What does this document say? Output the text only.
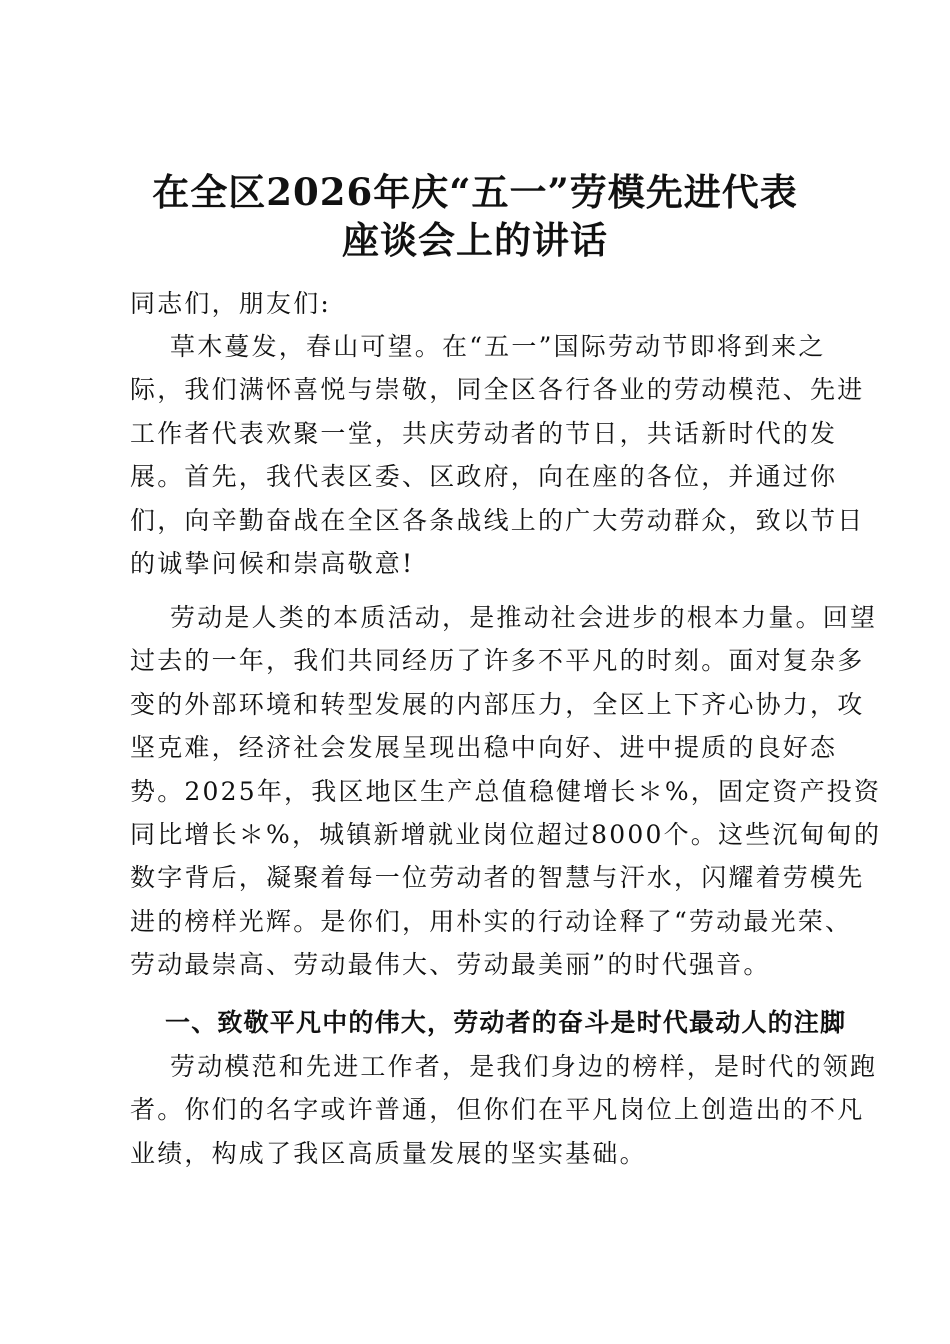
在全区2026年庆“五一”劳模先进代表
座谈会上的讲话
同志们，朋友们:
草木蔓发，春山可望。在“五一”国际劳动节即将到来之
际，我们满怀喜悦与崇敬，同全区各行各业的劳动模范、先进
工作者代表欢聚一堂，共庆劳动者的节日，共话新时代的发
展。首先，我代表区委、区政府，向在座的各位，并通过你
们，向辛勤奋战在全区各条战线上的广大劳动群众，致以节日
的诚挚问候和崇高敬意!
劳动是人类的本质活动，是推动社会进步的根本力量。回望
过去的一年，我们共同经历了许多不平凡的时刻。面对复杂多
变的外部环境和转型发展的内部压力，全区上下齐心协力，攻
坚克难，经济社会发展呈现出稳中向好、进中提质的良好态
势。2025年，我区地区生产总值稳健增长＊%，固定资产投资
同比增长＊%，城镇新增就业岗位超过8000个。这些沉甸甸的
数字背后，凝聚着每一位劳动者的智慧与汗水，闪耀着劳模先
进的榜样光辉。是你们，用朴实的行动诠释了“劳动最光荣、
劳动最崇高、劳动最伟大、劳动最美丽”的时代强音。
一、致敬平凡中的伟大，劳动者的奋斗是时代最动人的注脚
劳动模范和先进工作者，是我们身边的榜样，是时代的领跑
者。你们的名字或许普通，但你们在平凡岗位上创造出的不凡
业绩，构成了我区高质量发展的坚实基础。
